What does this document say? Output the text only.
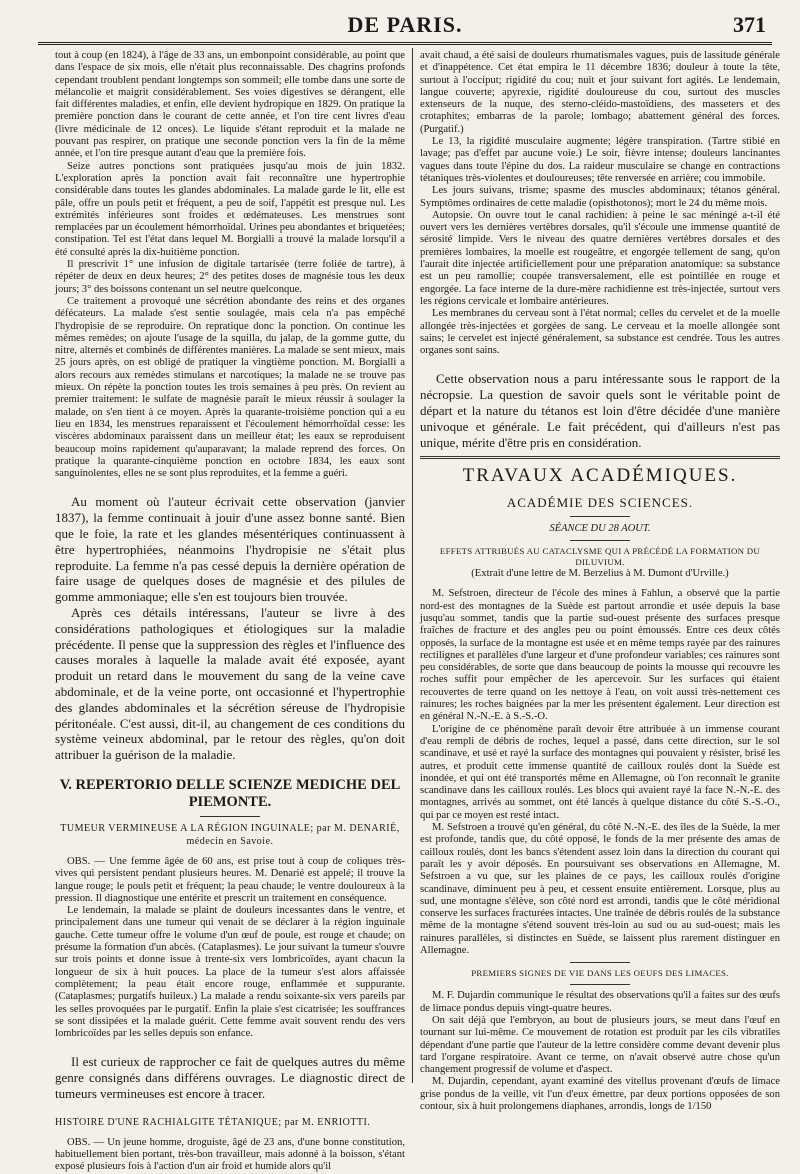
DE PARIS.	371

tout à coup (en 1824), à l'âge de 33 ans, un embonpoint considérable, au point que dans l'espace de six mois, elle n'était plus reconnaissable. Des chagrins profonds cependant troublent pendant longtemps son sommeil; elle tombe dans une sorte de mélancolie et maigrit considérablement. Ses voies digestives se dérangent, elle fait différentes maladies, et enfin, elle devient hydropique en 1829. On pratique la première ponction dans le courant de cette année, et l'on tire cent livres d'eau (livre médicinale de 12 onces). Le liquide s'étant reproduit et la malade ne pouvant pas respirer, on pratique une seconde ponction vers la fin de la même année, et l'on tire presque autant d'eau que la première fois.

Seize autres ponctions sont pratiquées jusqu'au mois de juin 1832. L'exploration après la ponction avait fait reconnaître une hypertrophie considérable dans toutes les glandes abdominales. La malade garde le lit, elle est pâle, offre un pouls petit et fréquent, a peu de soif, l'appétit est presque nul. Les extrémités inférieures sont froides et œdémateuses. Les menstrues sont remplacées par un écoulement hémorrhoïdal. Urines peu abondantes et briquetées; constipation. Tel est l'état dans lequel M. Borgialli a trouvé la malade lorsqu'il a été consulté après la dix-huitième ponction.

Il prescrivit 1° une infusion de digitale tartarisée (terre foliée de tartre), à répéter de deux en deux heures; 2° des petites doses de magnésie tous les deux jours; 3° des boissons contenant un sel neutre quelconque.

Ce traitement a provoqué une sécrétion abondante des reins et des organes défécateurs. La malade s'est sentie soulagée, mais cela n'a pas empêché l'hydropisie de se reproduire. On repratique donc la ponction. On continue les mêmes remèdes; on ajoute l'usage de la squilla, du jalap, de la gomme gutte, du nitre, alternés et combinés de différentes manières. La malade se sent mieux, mais 25 jours après, on est obligé de pratiquer la vingtième ponction. M. Borgialli a alors recours aux remèdes stimulans et narcotiques; la malade ne se trouve pas mieux. On répète la ponction toutes les trois semaines à peu près. On revient au premier traitement: le sulfate de magnésie paraît le mieux réussir à soulager la malade, on s'en tient à ce moyen. Après la quarante-troisième ponction qui a eu lieu en 1834, les menstrues reparaissent et l'écoulement hémorrhoïdal cesse: les viscères abdominaux paraissent dans un meilleur état; les eaux se reproduisent beaucoup moins rapidement qu'auparavant; la malade reprend des forces. On pratique la quarante-cinquième ponction en octobre 1834, les eaux sont sanguinolentes, elles ne se sont plus reproduites, et la femme a guéri.

Au moment où l'auteur écrivait cette observation (janvier 1837), la femme continuait à jouir d'une assez bonne santé. Bien que le foie, la rate et les glandes mésentériques continuassent à être hypertrophiées, néanmoins l'hydropisie ne s'était plus reproduite. La femme n'a pas cessé depuis la dernière opération de faire usage de quelques doses de magnésie et des pilules de gomme ammoniaque; elle s'en est toujours bien trouvée.

Après ces détails intéressans, l'auteur se livre à des considérations pathologiques et étiologiques sur la maladie précédente. Il pense que la suppression des règles et l'influence des causes morales à laquelle la malade avait été exposée, ayant produit un retard dans le mouvement du sang de la veine cave abdominale, et de la veine porte, ont occasionné et l'hypertrophie des glandes abdominales et la sécrétion séreuse de l'hydropisie péritonéale. C'est aussi, dit-il, au changement de ces conditions du système veineux abdominal, par le retour des règles, qu'on doit attribuer la guérison de la maladie.

V. REPERTORIO DELLE SCIENZE MEDICHE DEL PIEMONTE.
TUMEUR VERMINEUSE A LA RÉGION INGUINALE; par M. DENARIÉ, médecin en Savoie.

OBS. — Une femme âgée de 60 ans, est prise tout à coup de coliques très-vives qui persistent pendant plusieurs heures. M. Denarié est appelé; il trouve la langue rouge; le pouls petit et fréquent; la peau chaude; le ventre douloureux à la pression. Il diagnostique une entérite et prescrit un traitement en conséquence.

Le lendemain, la malade se plaint de douleurs incessantes dans le ventre, et principalement dans une tumeur qui venait de se déclarer à la région inguinale gauche. Cette tumeur offre le volume d'un œuf de poule, est rouge et chaude; on présume la formation d'un abcès. (Cataplasmes). Le jour suivant la tumeur s'ouvre sur trois points et donne issue à trente-six vers lombricoïdes, ayant chacun la longueur de six à huit pouces. La place de la tumeur s'est alors affaissée complètement; la peau était encore rouge, enflammée et suppurante. (Cataplasmes; purgatifs huileux.) La malade a rendu soixante-six vers pareils par les selles provoquées par le purgatif. Enfin la plaie s'est cicatrisée; les souffrances se sont dissipées et la malade guérit. Cette femme avait souvent rendu des vers lombricoïdes par les selles depuis son enfance.

Il est curieux de rapprocher ce fait de quelques autres du même genre consignés dans différens ouvrages. Le diagnostic direct de tumeurs vermineuses est encore à tracer.

HISTOIRE D'UNE RACHIALGITE TÉTANIQUE; par M. ENRIOTTI.

OBS. — Un jeune homme, droguiste, âgé de 23 ans, d'une bonne constitution, habituellement bien portant, très-bon travailleur, mais adonné à la boisson, s'étant exposé plusieurs fois à l'action d'un air froid et humide alors qu'il

avait chaud, a été saisi de douleurs rhumatismales vagues, puis de lassitude générale et d'inappétence. Cet état empira le 11 décembre 1836; douleur à toute la tête, surtout à l'occiput; rigidité du cou; nuit et jour suivant fort agités. Le lendemain, langue couverte; apyrexie, rigidité douloureuse du cou, surtout des muscles extenseurs de la nuque, des sterno-cléido-mastoïdiens, des masseters et des crotaphites; embarras de la parole; lombago; abattement général des forces. (Purgatif.)

Le 13, la rigidité musculaire augmente; légère transpiration. (Tartre stibié en lavage; pas d'effet par aucune voie.) Le soir, fièvre intense; douleurs lancinantes vagues dans toute l'épine du dos. La raideur musculaire se change en contractions tétaniques très-violentes et douloureuses; tête renversée en arrière; cou immobile.

Les jours suivans, trisme; spasme des muscles abdominaux; tétanos général. Symptômes ordinaires de cette maladie (opisthotonos); mort le 24 du même mois.

Autopsie. On ouvre tout le canal rachidien: à peine le sac méningé a-t-il été ouvert vers les dernières vertèbres dorsales, qu'il s'écoule une immense quantité de sérosité limpide. Vers le niveau des quatre dernières vertèbres dorsales et des premières lombaires, la moelle est rougeâtre, et engorgée tellement de sang, qu'on l'aurait dite injectée artificiellement pour une préparation anatomique: sa substance est un peu ramollie; coupée transversalement, elle est pointillée en rouge et engorgée. La face interne de la dure-mère rachidienne est très-injectée, surtout vers les régions cervicale et lombaire antérieures.

Les membranes du cerveau sont à l'état normal; celles du cervelet et de la moelle allongée très-injectées et gorgées de sang. Le cerveau et la moelle allongée sont sains; le cervelet est injecté généralement, sa substance est cendrée. Tous les autres organes sont sains.

Cette observation nous a paru intéressante sous le rapport de la nécropsie. La question de savoir quels sont le véritable point de départ et la nature du tétanos est loin d'être décidée d'une manière univoque et générale. Le fait précédent, qui d'ailleurs n'est pas unique, mérite d'être pris en considération.

TRAVAUX ACADÉMIQUES.
ACADÉMIE DES SCIENCES.
SÉANCE DU 28 AOUT.
EFFETS ATTRIBUÉS AU CATACLYSME QUI A PRÉCÉDÉ LA FORMATION DU DILUVIUM.
(Extrait d'une lettre de M. Berzelius à M. Dumont d'Urville.)

M. Sefstroen, directeur de l'école des mines à Fahlun, a observé que la partie nord-est des montagnes de la Suède est partout arrondie et usée depuis la base jusqu'au sommet, tandis que la partie sud-ouest présente des surfaces presque fraîches de fracture et des angles peu ou point émoussés. Entre ces deux côtés opposés, la surface de la montagne est usée et en même temps rayée par des rainures rectilignes et parallèles d'une largeur et d'une profondeur variables; ces rainures sont peu considérables, de sorte que dans beaucoup de points la mousse qui recouvre les roches suffit pour empêcher de les apercevoir. Sur les surfaces qui étaient recouvertes de terre quand on les nettoye à l'eau, on voit aussi très-nettement ces rainures; les roches baignées par la mer les présentent également. Leur direction est en général N.-N.-E. à S.-S.-O.

L'origine de ce phénomène paraît devoir être attribuée à un immense courant d'eau rempli de débris de roches, lequel a passé, dans cette direction, sur le sol scandinave, et usé et rayé la surface des montagnes qui pouvaient y résister, brisé les autres, et produit cette immense quantité de cailloux roulés dont la Suède est inondée, et qui ont été transportés même en Allemagne, où l'on reconnaît le granite scandinave dans les cailloux roulés. Les blocs qui avaient rayé la face N.-N.-E. des montagnes, arrivés au sommet, ont été lancés à quelque distance du côté S.-S.-O., qui par ce moyen est resté intact.

M. Sefstroen a trouvé qu'en général, du côté N.-N.-E. des îles de la Suède, la mer est profonde, tandis que, du côté opposé, le fonds de la mer présente des amas de cailloux roulés, dont les bancs s'étendent assez loin dans la direction du courant qui paraît les y avoir déposés. En poursuivant ses observations en Allemagne, M. Sefstroen a vu que, sur les plaines de ce pays, les cailloux roulés d'origine scandinave, diminuent peu à peu, et cessent ensuite entièrement. Lorsque, plus au sud, une montagne s'élève, son côté nord est arrondi, tandis que le côté méridional conserve les surfaces fracturées intactes. Une traînée de débris roulés de la substance même de la montagne s'étend souvent très-loin au sud ou au sud-ouest; mais les rainures parallèles, si distinctes en Suède, se laissent plus rarement distinguer en Allemagne.

PREMIERS SIGNES DE VIE DANS LES OEUFS DES LIMACES.

M. F. Dujardin communique le résultat des observations qu'il a faites sur des œufs de limace pondus depuis vingt-quatre heures.

On sait déjà que l'embryon, au bout de plusieurs jours, se meut dans l'œuf en tournant sur lui-même. Ce mouvement de rotation est produit par les cils vibratiles dépendant d'une partie que l'auteur de la lettre considère comme devant devenir plus tard l'organe respiratoire. Avant ce terme, on n'avait observé autre chose qu'un changement progressif de volume et d'aspect.

M. Dujardin, cependant, ayant examiné des vitellus provenant d'œufs de limace grise pondus de la veille, vit l'un d'eux émettre, par deux portions opposées de son contour, six à huit prolongemens diaphanes, arrondis, longs de 1/150
